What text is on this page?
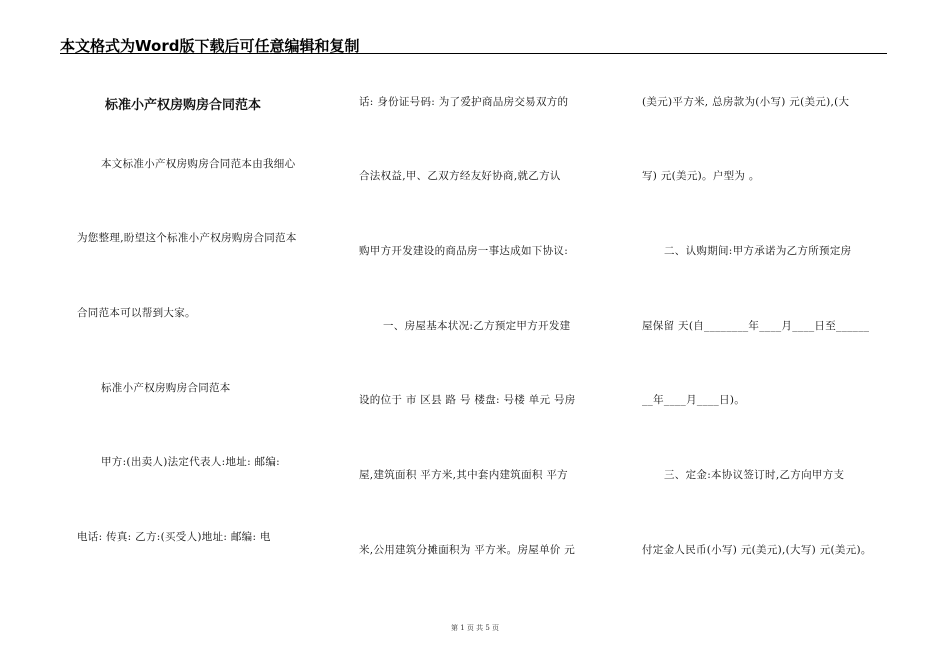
本文格式为Word版下载后可任意编辑和复制
标准小产权房购房合同范本
本文标准小产权房购房合同范本由我细心
为您整理,盼望这个标准小产权房购房合同范本
合同范本可以帮到大家。
标准小产权房购房合同范本
甲方:(出卖人)法定代表人:地址: 邮编:
电话: 传真: 乙方:(买受人)地址: 邮编: 电
话: 身份证号码: 为了爱护商品房交易双方的
合法权益,甲、乙双方经友好协商,就乙方认
购甲方开发建设的商品房一事达成如下协议:
一、房屋基本状况:乙方预定甲方开发建
设的位于 市 区县 路 号 楼盘: 号楼 单元 号房
屋,建筑面积 平方米,其中套内建筑面积 平方
米,公用建筑分摊面积为 平方米。房屋单价 元
(美元)平方米, 总房款为(小写) 元(美元),(大
写) 元(美元)。户型为 。
二、认购期间:甲方承诺为乙方所预定房
屋保留 天(自________年____月____日至______
__年____月____日)。
三、定金:本协议签订时,乙方向甲方支
付定金人民币(小写) 元(美元),(大写) 元(美元)。
第 1 页 共 5 页
